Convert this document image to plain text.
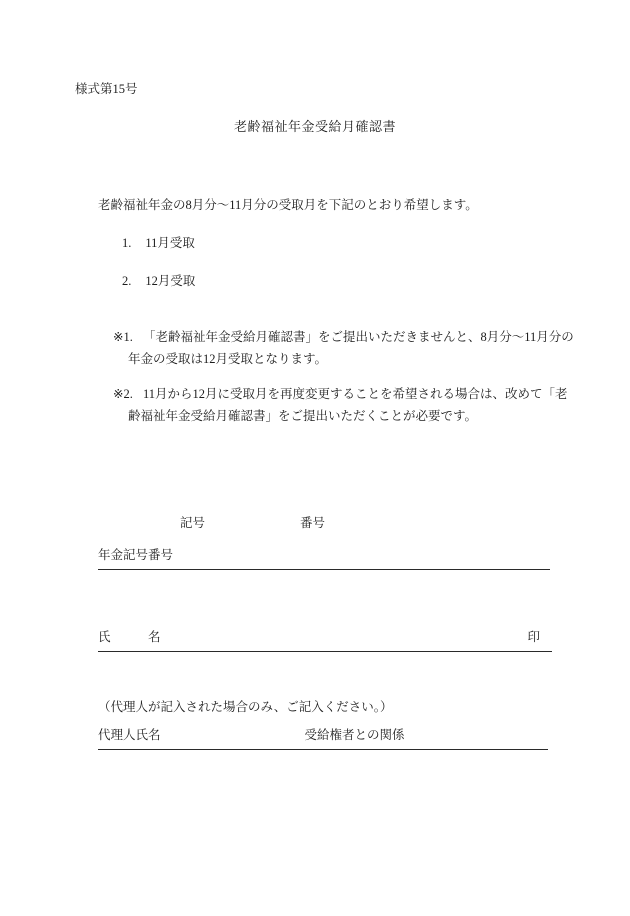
様式第15号
老齢福祉年金受給月確認書
老齢福祉年金の8月分～11月分の受取月を下記のとおり希望します。
1. 11月受取
2. 12月受取
※1. 「老齢福祉年金受給月確認書」をご提出いただきませんと、8月分～11月分の
年金の受取は12月受取となります。
※2. 11月から12月に受取月を再度変更することを希望される場合は、改めて「老
齢福祉年金受給月確認書」をご提出いただくことが必要です。
記号	番号
年金記号番号
氏　　　名	印
（代理人が記入された場合のみ、ご記入ください。）
代理人氏名	受給権者との関係
